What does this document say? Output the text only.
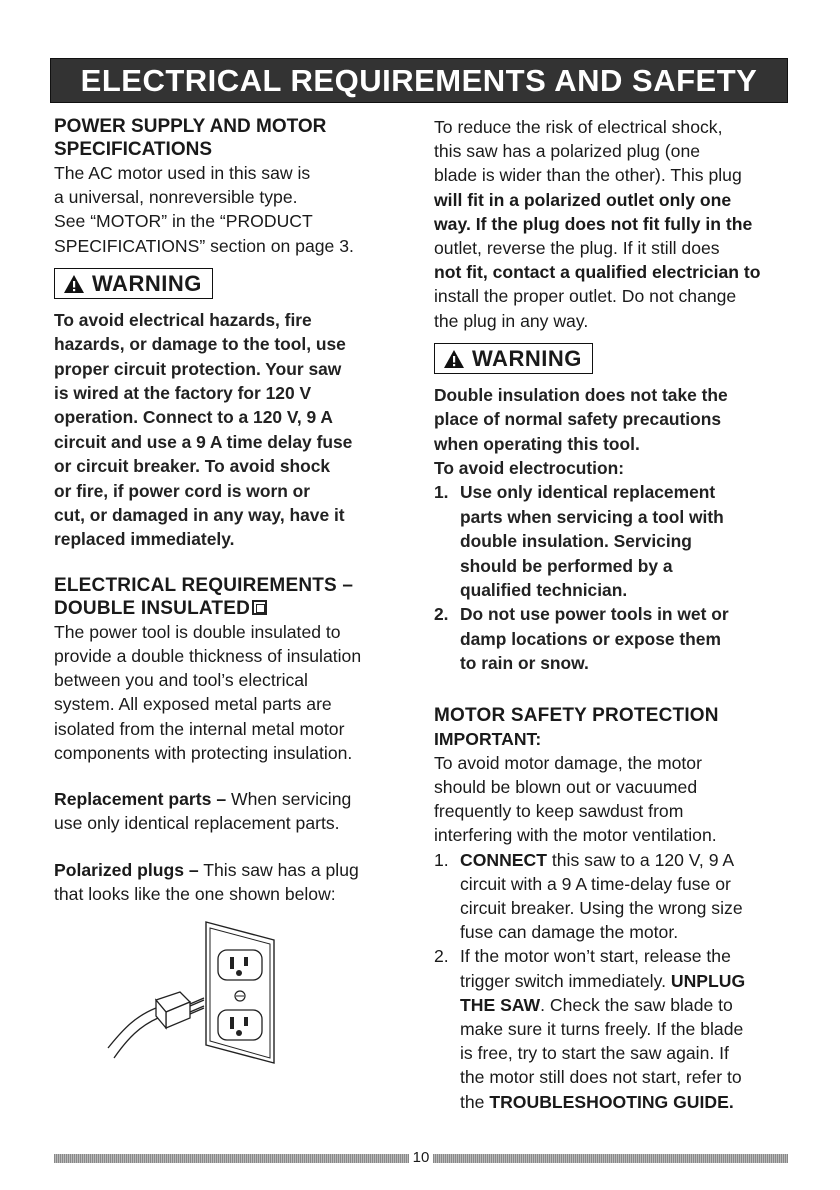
ELECTRICAL REQUIREMENTS AND SAFETY

POWER SUPPLY AND MOTOR
SPECIFICATIONS

The AC motor used in this saw is
a universal, nonreversible type.
See “MOTOR” in the “PRODUCT
SPECIFICATIONS” section on page 3.

WARNING

To avoid electrical hazards, fire
hazards, or damage to the tool, use
proper circuit protection. Your saw
is wired at the factory for 120 V
operation. Connect to a 120 V, 9 A
circuit and use a 9 A time delay fuse
or circuit breaker. To avoid shock
or fire, if power cord is worn or
cut, or damaged in any way, have it
replaced immediately.

ELECTRICAL REQUIREMENTS –
DOUBLE INSULATED

The power tool is double insulated to
provide a double thickness of insulation
between you and tool’s electrical
system. All exposed metal parts are
isolated from the internal metal motor
components with protecting insulation.

Replacement parts – When servicing
use only identical replacement parts.

Polarized plugs – This saw has a plug
that looks like the one shown below:

To reduce the risk of electrical shock,
this saw has a polarized plug (one
blade is wider than the other). This plug
will fit in a polarized outlet only one
way. If the plug does not fit fully in the
outlet, reverse the plug. If it still does
not fit, contact a qualified electrician to
install the proper outlet. Do not change
the plug in any way.

WARNING

Double insulation does not take the
place of normal safety precautions
when operating this tool.
To avoid electrocution:

1. Use only identical replacement
parts when servicing a tool with
double insulation. Servicing
should be performed by a
qualified technician.
2. Do not use power tools in wet or
damp locations or expose them
to rain or snow.

MOTOR SAFETY PROTECTION

IMPORTANT:

To avoid motor damage, the motor
should be blown out or vacuumed
frequently to keep sawdust from
interfering with the motor ventilation.

1. CONNECT this saw to a 120 V, 9 A
circuit with a 9 A time-delay fuse or
circuit breaker. Using the wrong size
fuse can damage the motor.
2. If the motor won’t start, release the
trigger switch immediately. UNPLUG
THE SAW. Check the saw blade to
make sure it turns freely. If the blade
is free, try to start the saw again. If
the motor still does not start, refer to
the TROUBLESHOOTING GUIDE.
10
